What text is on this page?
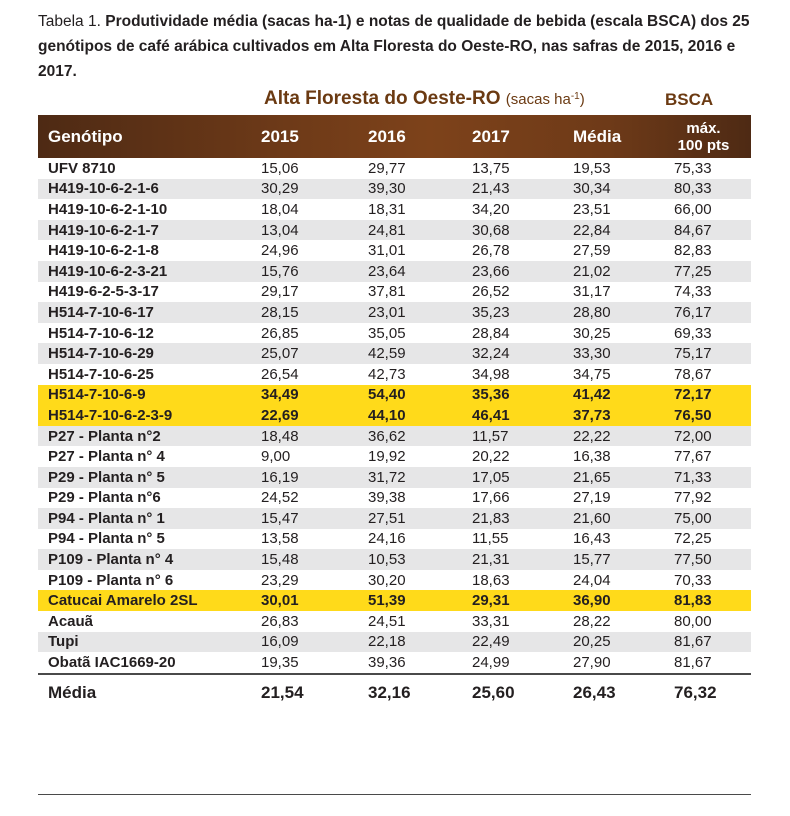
Tabela 1. Produtividade média (sacas ha-1) e notas de qualidade de bebida (escala BSCA) dos 25 genótipos de café arábica cultivados em Alta Floresta do Oeste-RO, nas safras de 2015, 2016 e 2017.
Alta Floresta do Oeste-RO (sacas $ha^{-1}$)	BSCA
Genótipo	2015	2016	2017	Média	máx.
100 pts

UFV 8710	15,06	29,77	13,75	19,53	75,33
H419-10-6-2-1-6	30,29	39,30	21,43	30,34	80,33
H419-10-6-2-1-10	18,04	18,31	34,20	23,51	66,00
H419-10-6-2-1-7	13,04	24,81	30,68	22,84	84,67
H419-10-6-2-1-8	24,96	31,01	26,78	27,59	82,83
H419-10-6-2-3-21	15,76	23,64	23,66	21,02	77,25
H419-6-2-5-3-17	29,17	37,81	26,52	31,17	74,33
H514-7-10-6-17	28,15	23,01	35,23	28,80	76,17
H514-7-10-6-12	26,85	35,05	28,84	30,25	69,33
H514-7-10-6-29	25,07	42,59	32,24	33,30	75,17
H514-7-10-6-25	26,54	42,73	34,98	34,75	78,67
H514-7-10-6-9	34,49	54,40	35,36	41,42	72,17
H514-7-10-6-2-3-9	22,69	44,10	46,41	37,73	76,50
P27 - Planta n°2	18,48	36,62	11,57	22,22	72,00
P27 - Planta n° 4	9,00	19,92	20,22	16,38	77,67
P29 - Planta n° 5	16,19	31,72	17,05	21,65	71,33
P29 - Planta n°6	24,52	39,38	17,66	27,19	77,92
P94 - Planta n° 1	15,47	27,51	21,83	21,60	75,00
P94 - Planta n° 5	13,58	24,16	11,55	16,43	72,25
P109 - Planta n° 4	15,48	10,53	21,31	15,77	77,50
P109 - Planta n° 6	23,29	30,20	18,63	24,04	70,33
Catucai Amarelo 2SL	30,01	51,39	29,31	36,90	81,83
Acauã	26,83	24,51	33,31	28,22	80,00
Tupi	16,09	22,18	22,49	20,25	81,67
Obatã IAC1669-20	19,35	39,36	24,99	27,90	81,67
Média	21,54	32,16	25,60	26,43	76,32
